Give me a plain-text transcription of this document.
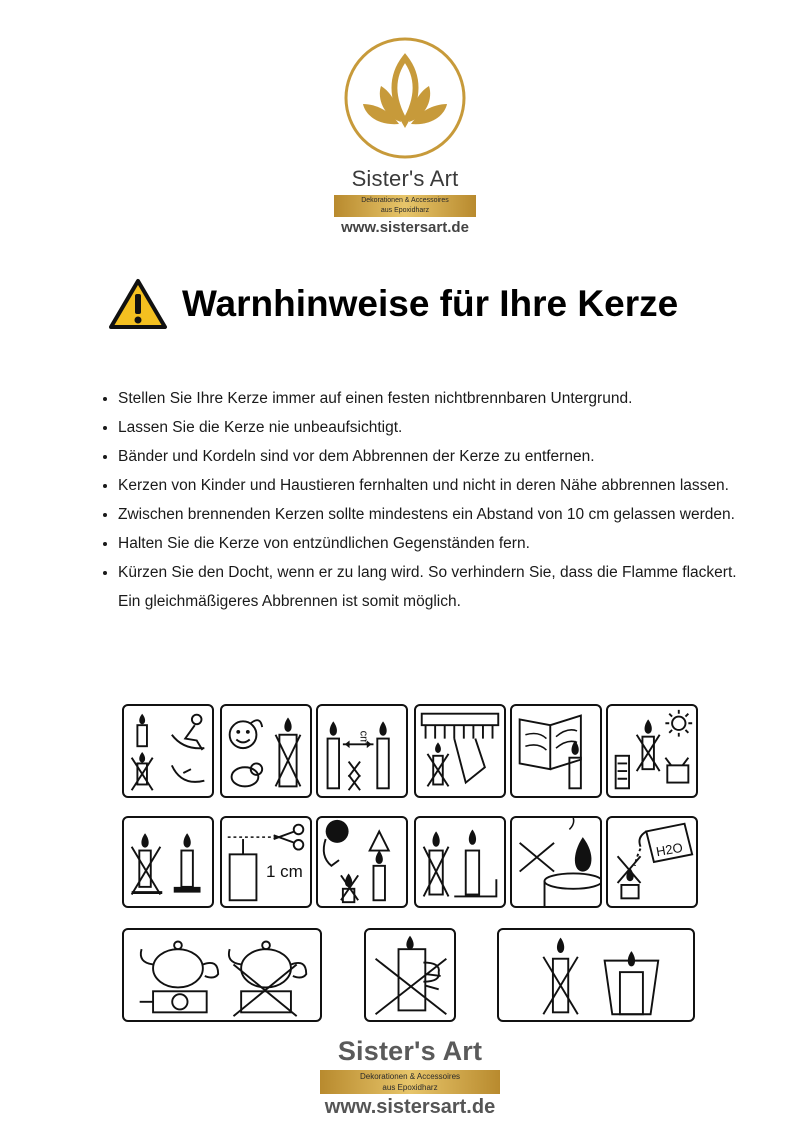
Sister's Art
Dekorationen & Accessoires
aus Epoxidharz
www.sistersart.de
Warnhinweise für Ihre Kerze
• Stellen Sie Ihre Kerze immer auf einen festen nichtbrennbaren Untergrund.
• Lassen Sie die Kerze nie unbeaufsichtigt.
• Bänder und Kordeln sind vor dem Abbrennen der Kerze zu entfernen.
• Kerzen von Kinder und Haustieren fernhalten und nicht in deren Nähe abbrennen lassen.
• Zwischen brennenden Kerzen sollte mindestens ein Abstand von 10 cm gelassen werden.
• Halten Sie die Kerze von entzündlichen Gegenständen fern.
• Kürzen Sie den Docht, wenn er zu lang wird. So verhindern Sie, dass die Flamme flackert. Ein gleichmäßigeres Abbrennen ist somit möglich.
cm
1 cm
H2O
Sister's Art
Dekorationen & Accessoires
aus Epoxidharz
www.sistersart.de
